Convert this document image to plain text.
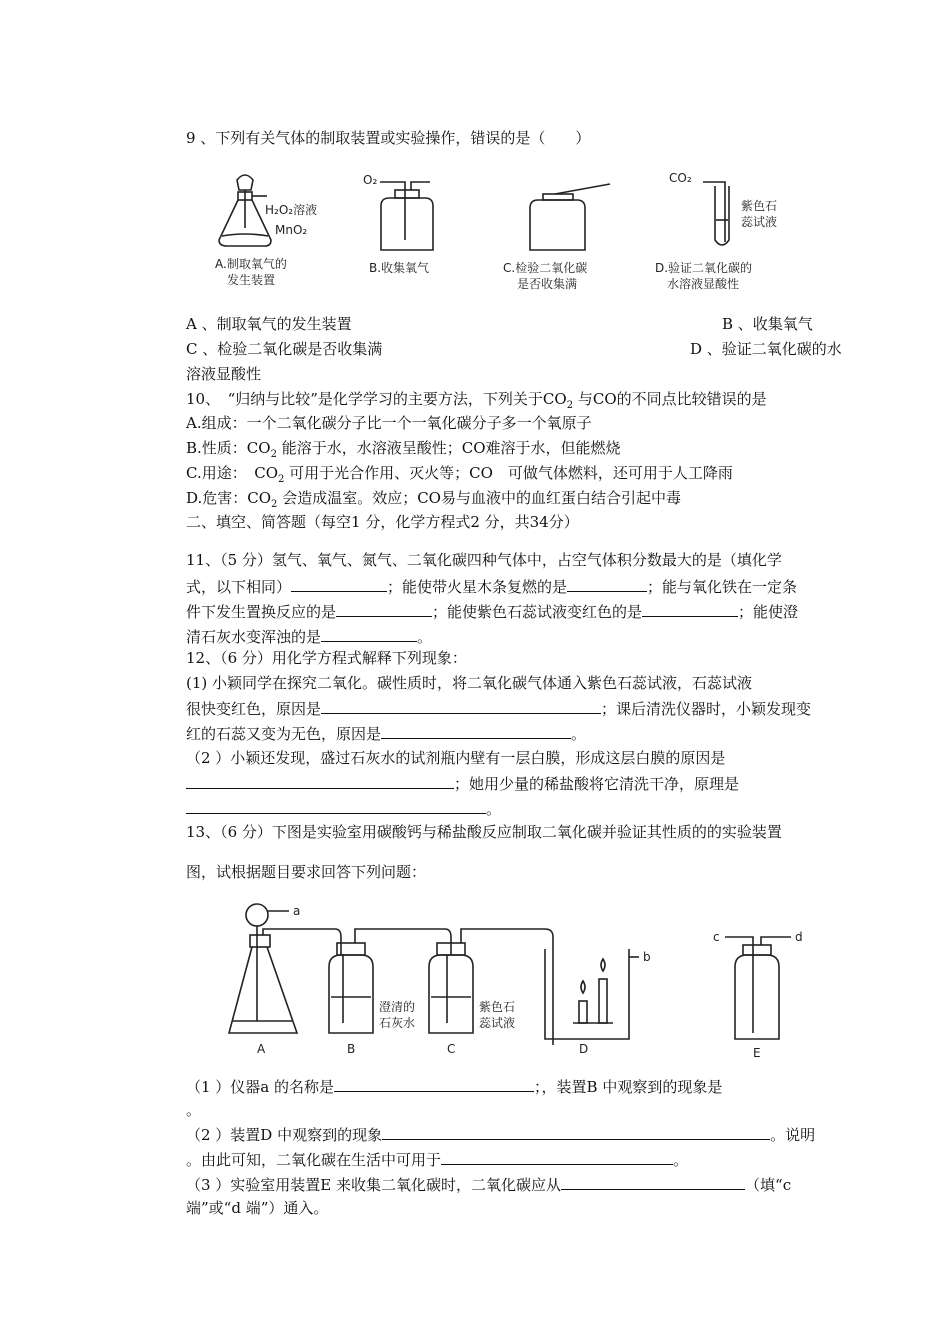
9 、下列有关气体的制取装置或实验操作，错误的是（　　）
H₂O₂溶液
MnO₂
A.制取氧气的
发生装置
O₂
B.收集氧气	C.检验二氧化碳
是否收集满
CO₂
紫色石
蕊试液
D.验证二氧化碳的
水溶液显酸性
A 、制取氧气的发生装置	B 、收集氧气
C 、检验二氧化碳是否收集满	D 、验证二氧化碳的水
溶液显酸性
10、　“归纳与比较”是化学学习的主要方法，下列关于$CO_2$ 与CO的不同点比较错误的是
A.组成：一个二氧化碳分子比一个一氧化碳分子多一个氧原子
B.性质：$CO_2$ 能溶于水，水溶液呈酸性；CO难溶于水，但能燃烧
C.用途：　$CO_2$ 可用于光合作用、灭火等；CO　可做气体燃料，还可用于人工降雨
D.危害：$CO_2$ 会造成温室。效应；CO易与血液中的血红蛋白结合引起中毒
二、填空、简答题（每空1 分，化学方程式2 分，共34分）
11、（5 分）氢气、氧气、氮气、二氧化碳四种气体中，占空气体积分数最大的是（填化学
式，以下相同）	；能使带火星木条复燃的是	；能与氧化铁在一定条
件下发生置换反应的是	；能使紫色石蕊试液变红色的是	；能使澄
清石灰水变浑浊的是	。
12、（6 分）用化学方程式解释下列现象：
(1) 小颖同学在探究二氧化。碳性质时，将二氧化碳气体通入紫色石蕊试液，石蕊试液
很快变红色，原因是	；课后清洗仪器时，小颖发现变
红的石蕊又变为无色，原因是	。
（2 ）小颖还发现，盛过石灰水的试剂瓶内壁有一层白膜，形成这层白膜的原因是
；她用少量的稀盐酸将它清洗干净，原理是
。
13、（6 分）下图是实验室用碳酸钙与稀盐酸反应制取二氧化碳并验证其性质的的实验装置
图，试根据题目要求回答下列问题：
a
b
c	d
澄清的
石灰水
紫色石
蕊试液
A	B	C	D	E
（1 ）仪器a 的名称是	；，装置B 中观察到的现象是
。
（2 ）装置D 中观察到的现象	。说明
。由此可知，二氧化碳在生活中可用于	。
（3 ）实验室用装置E 来收集二氧化碳时，二氧化碳应从	（填“c
端”或“d 端”）通入。
